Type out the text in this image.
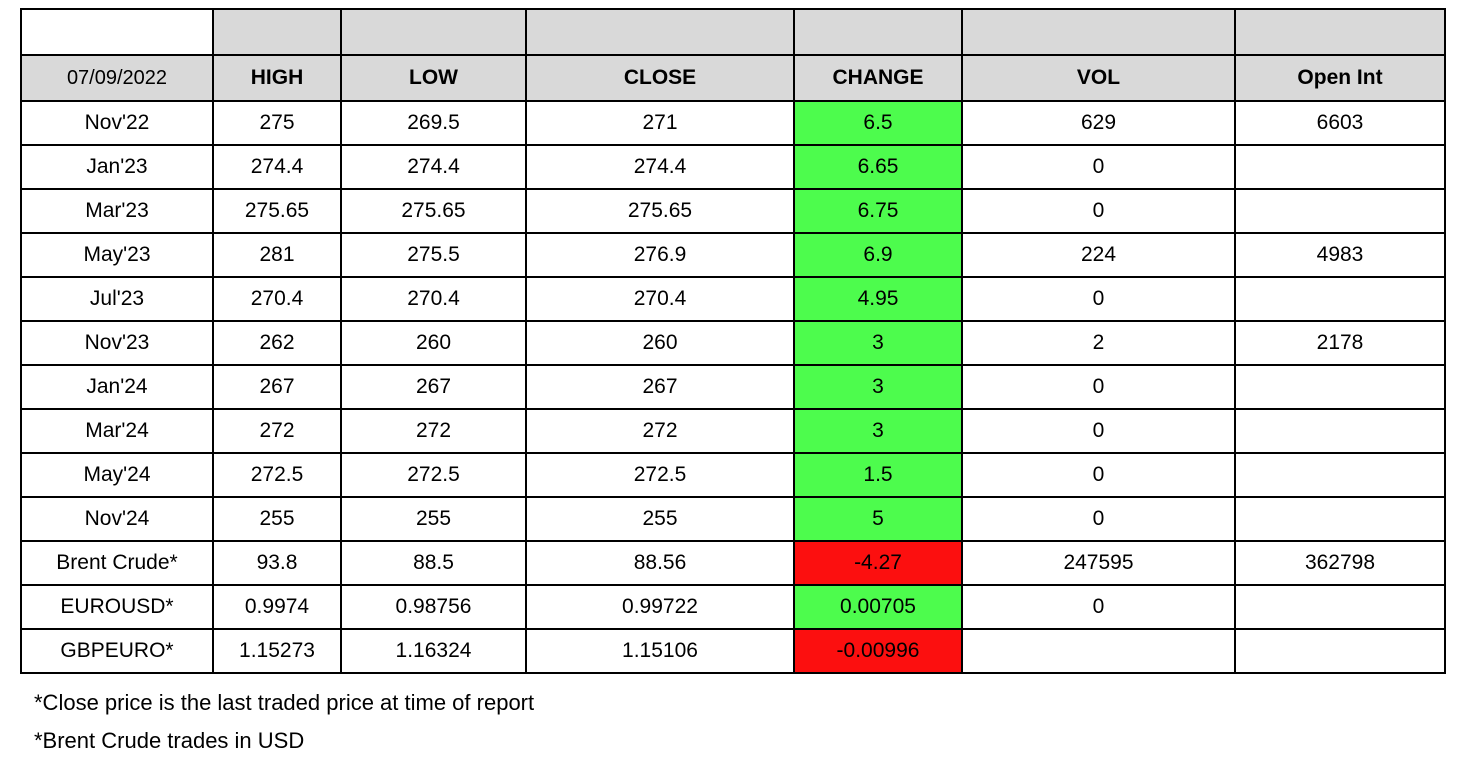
07/09/2022	HIGH	LOW	CLOSE	CHANGE	VOL	Open Int
Nov'22	275	269.5	271	6.5	629	6603
Jan'23	274.4	274.4	274.4	6.65	0	
Mar'23	275.65	275.65	275.65	6.75	0	
May'23	281	275.5	276.9	6.9	224	4983
Jul'23	270.4	270.4	270.4	4.95	0	
Nov'23	262	260	260	3	2	2178
Jan'24	267	267	267	3	0	
Mar'24	272	272	272	3	0	
May'24	272.5	272.5	272.5	1.5	0	
Nov'24	255	255	255	5	0	
Brent Crude*	93.8	88.5	88.56	-4.27	247595	362798
EUROUSD*	0.9974	0.98756	0.99722	0.00705	0	
GBPEURO*	1.15273	1.16324	1.15106	-0.00996		
*Close price is the last traded price at time of report
*Brent Crude trades in USD
